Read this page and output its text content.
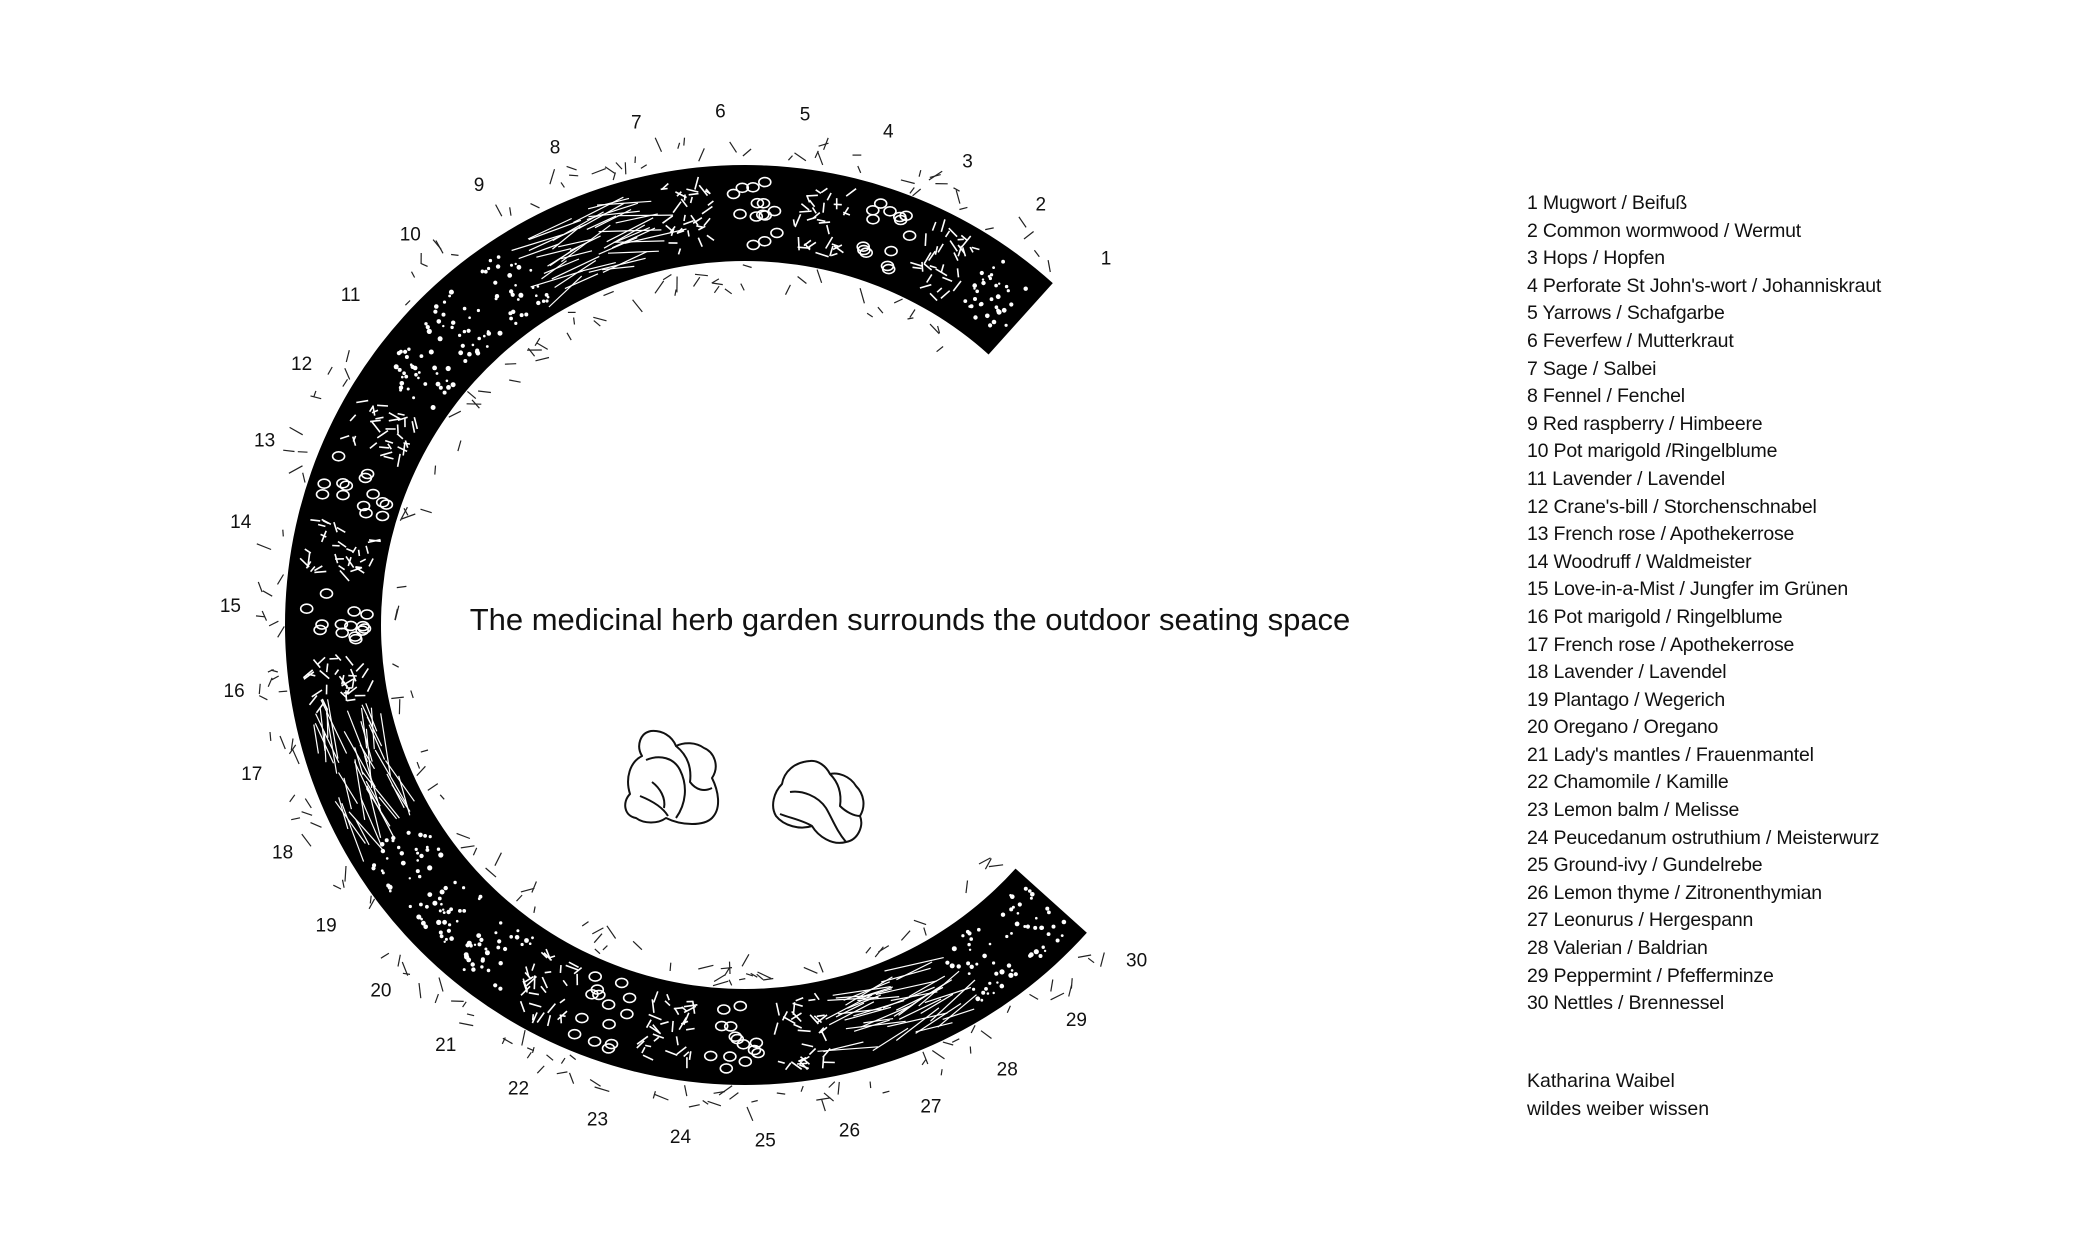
1
2
3
4
5
6
7
8
9
10
11
12
13
14
15
16
17
18
19
20
21
22
23
24	25	26
27
28
29
30
The medicinal herb garden surrounds the outdoor seating space
1 Mugwort / Beifuß
2 Common wormwood / Wermut
3 Hops / Hopfen
4 Perforate St John's-wort / Johanniskraut
5 Yarrows / Schafgarbe
6 Feverfew / Mutterkraut
7 Sage / Salbei
8 Fennel / Fenchel
9 Red raspberry / Himbeere
10 Pot marigold /Ringelblume
11 Lavender / Lavendel
12 Crane's-bill / Storchenschnabel
13 French rose / Apothekerrose
14 Woodruff / Waldmeister
15 Love-in-a-Mist / Jungfer im Grünen
16 Pot marigold / Ringelblume
17 French rose / Apothekerrose
18 Lavender / Lavendel
19 Plantago / Wegerich
20 Oregano / Oregano
21 Lady's mantles / Frauenmantel
22 Chamomile / Kamille
23 Lemon balm / Melisse
24 Peucedanum ostruthium / Meisterwurz
25 Ground-ivy / Gundelrebe
26 Lemon thyme / Zitronenthymian
27 Leonurus / Hergespann
28 Valerian / Baldrian
29 Peppermint / Pfefferminze
30 Nettles / Brennessel
Katharina Waibel
wildes weiber wissen
